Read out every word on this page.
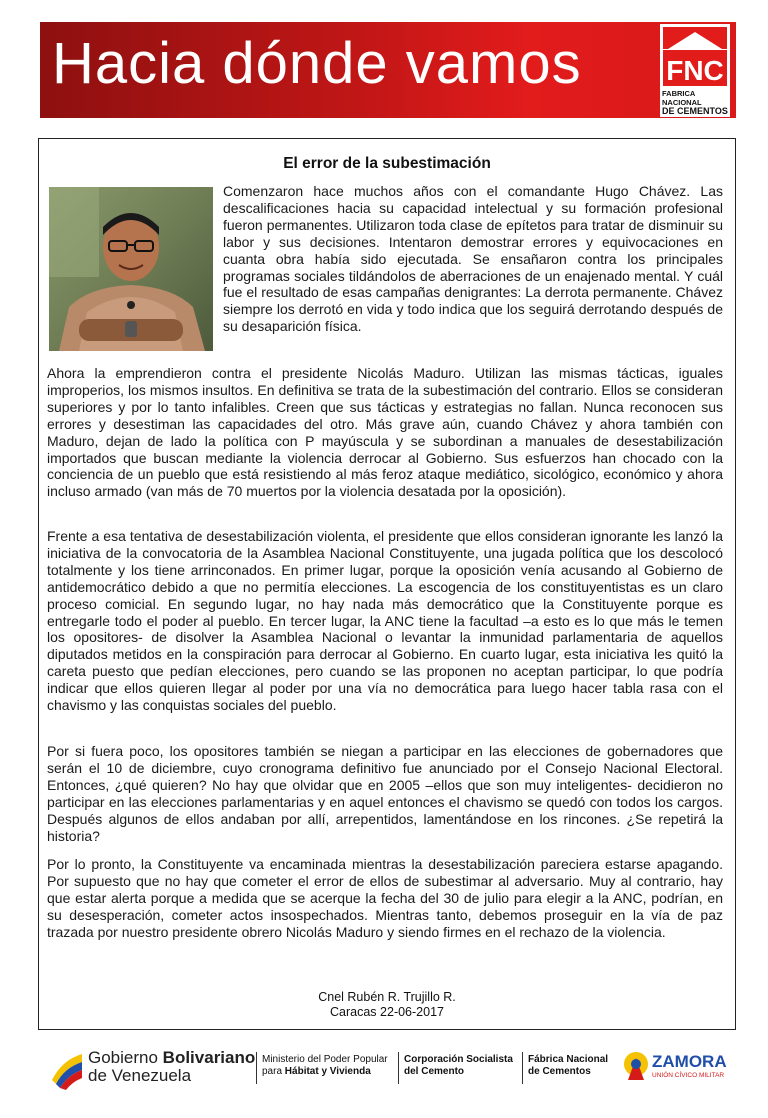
Hacia dónde vamos	FNC
FABRICA NACIONAL
DE CEMENTOS
El error de la subestimación
Comenzaron hace muchos años con el comandante Hugo Chávez. Las descalificaciones hacia su capacidad intelectual y su formación profesional fueron permanentes. Utilizaron toda clase de epítetos para tratar de disminuir su labor y sus decisiones. Intentaron demostrar errores y equivocaciones en cuanta obra había sido ejecutada. Se ensañaron contra los principales programas sociales tildándolos de aberraciones de un enajenado mental. Y cuál fue el resultado de esas campañas denigrantes: La derrota permanente. Chávez siempre los derrotó en vida y todo indica que los seguirá derrotando después de su desaparición física.
Ahora la emprendieron contra el presidente Nicolás Maduro. Utilizan las mismas tácticas, iguales improperios, los mismos insultos. En definitiva se trata de la subestimación del contrario. Ellos se consideran superiores y por lo tanto infalibles. Creen que sus tácticas y estrategias no fallan. Nunca reconocen sus errores y desestiman las capacidades del otro. Más grave aún, cuando Chávez y ahora también con Maduro, dejan de lado la política con P mayúscula y se subordinan a manuales de desestabilización importados que buscan mediante la violencia derrocar al Gobierno. Sus esfuerzos han chocado con la conciencia de un pueblo que está resistiendo al más feroz ataque mediático, sicológico, económico y ahora incluso armado (van más de 70 muertos por la violencia desatada por la oposición).
Frente a esa tentativa de desestabilización violenta, el presidente que ellos consideran ignorante les lanzó la iniciativa de la convocatoria de la Asamblea Nacional Constituyente, una jugada política que los descolocó totalmente y los tiene arrinconados. En primer lugar, porque la oposición venía acusando al Gobierno de antidemocrático debido a que no permitía elecciones. La escogencia de los constituyentistas es un claro proceso comicial. En segundo lugar, no hay nada más democrático que la Constituyente porque es entregarle todo el poder al pueblo. En tercer lugar, la ANC tiene la facultad –a esto es lo que más le temen los opositores- de disolver la Asamblea Nacional o levantar la inmunidad parlamentaria de aquellos diputados metidos en la conspiración para derrocar al Gobierno. En cuarto lugar, esta iniciativa les quitó la careta puesto que pedían elecciones, pero cuando se las proponen no aceptan participar, lo que podría indicar que ellos quieren llegar al poder por una vía no democrática para luego hacer tabla rasa con el chavismo y las conquistas sociales del pueblo.
Por si fuera poco, los opositores también se niegan a participar en las elecciones de gobernadores que serán el 10 de diciembre, cuyo cronograma definitivo fue anunciado por el Consejo Nacional Electoral. Entonces, ¿qué quieren? No hay que olvidar que en 2005 –ellos que son muy inteligentes- decidieron no participar en las elecciones parlamentarias y en aquel entonces el chavismo se quedó con todos los cargos. Después algunos de ellos andaban por allí, arrepentidos, lamentándose en los rincones. ¿Se repetirá la historia?
Por lo pronto, la Constituyente va encaminada mientras la desestabilización pareciera estarse apagando. Por supuesto que no hay que cometer el error de ellos de subestimar al adversario. Muy al contrario, hay que estar alerta porque a medida que se acerque la fecha del 30 de julio para elegir a la ANC, podrían, en su desesperación, cometer actos insospechados. Mientras tanto, debemos proseguir en la vía de paz trazada por nuestro presidente obrero Nicolás Maduro y siendo firmes en el rechazo de la violencia.
Cnel Rubén R. Trujillo R.
Caracas 22-06-2017
Gobierno Bolivariano
de Venezuela
Ministerio del Poder Popular
para Hábitat y Vivienda
Corporación Socialista
del Cemento
Fábrica Nacional
de Cementos
ZAMORA
UNIÓN CÍVICO MILITAR
